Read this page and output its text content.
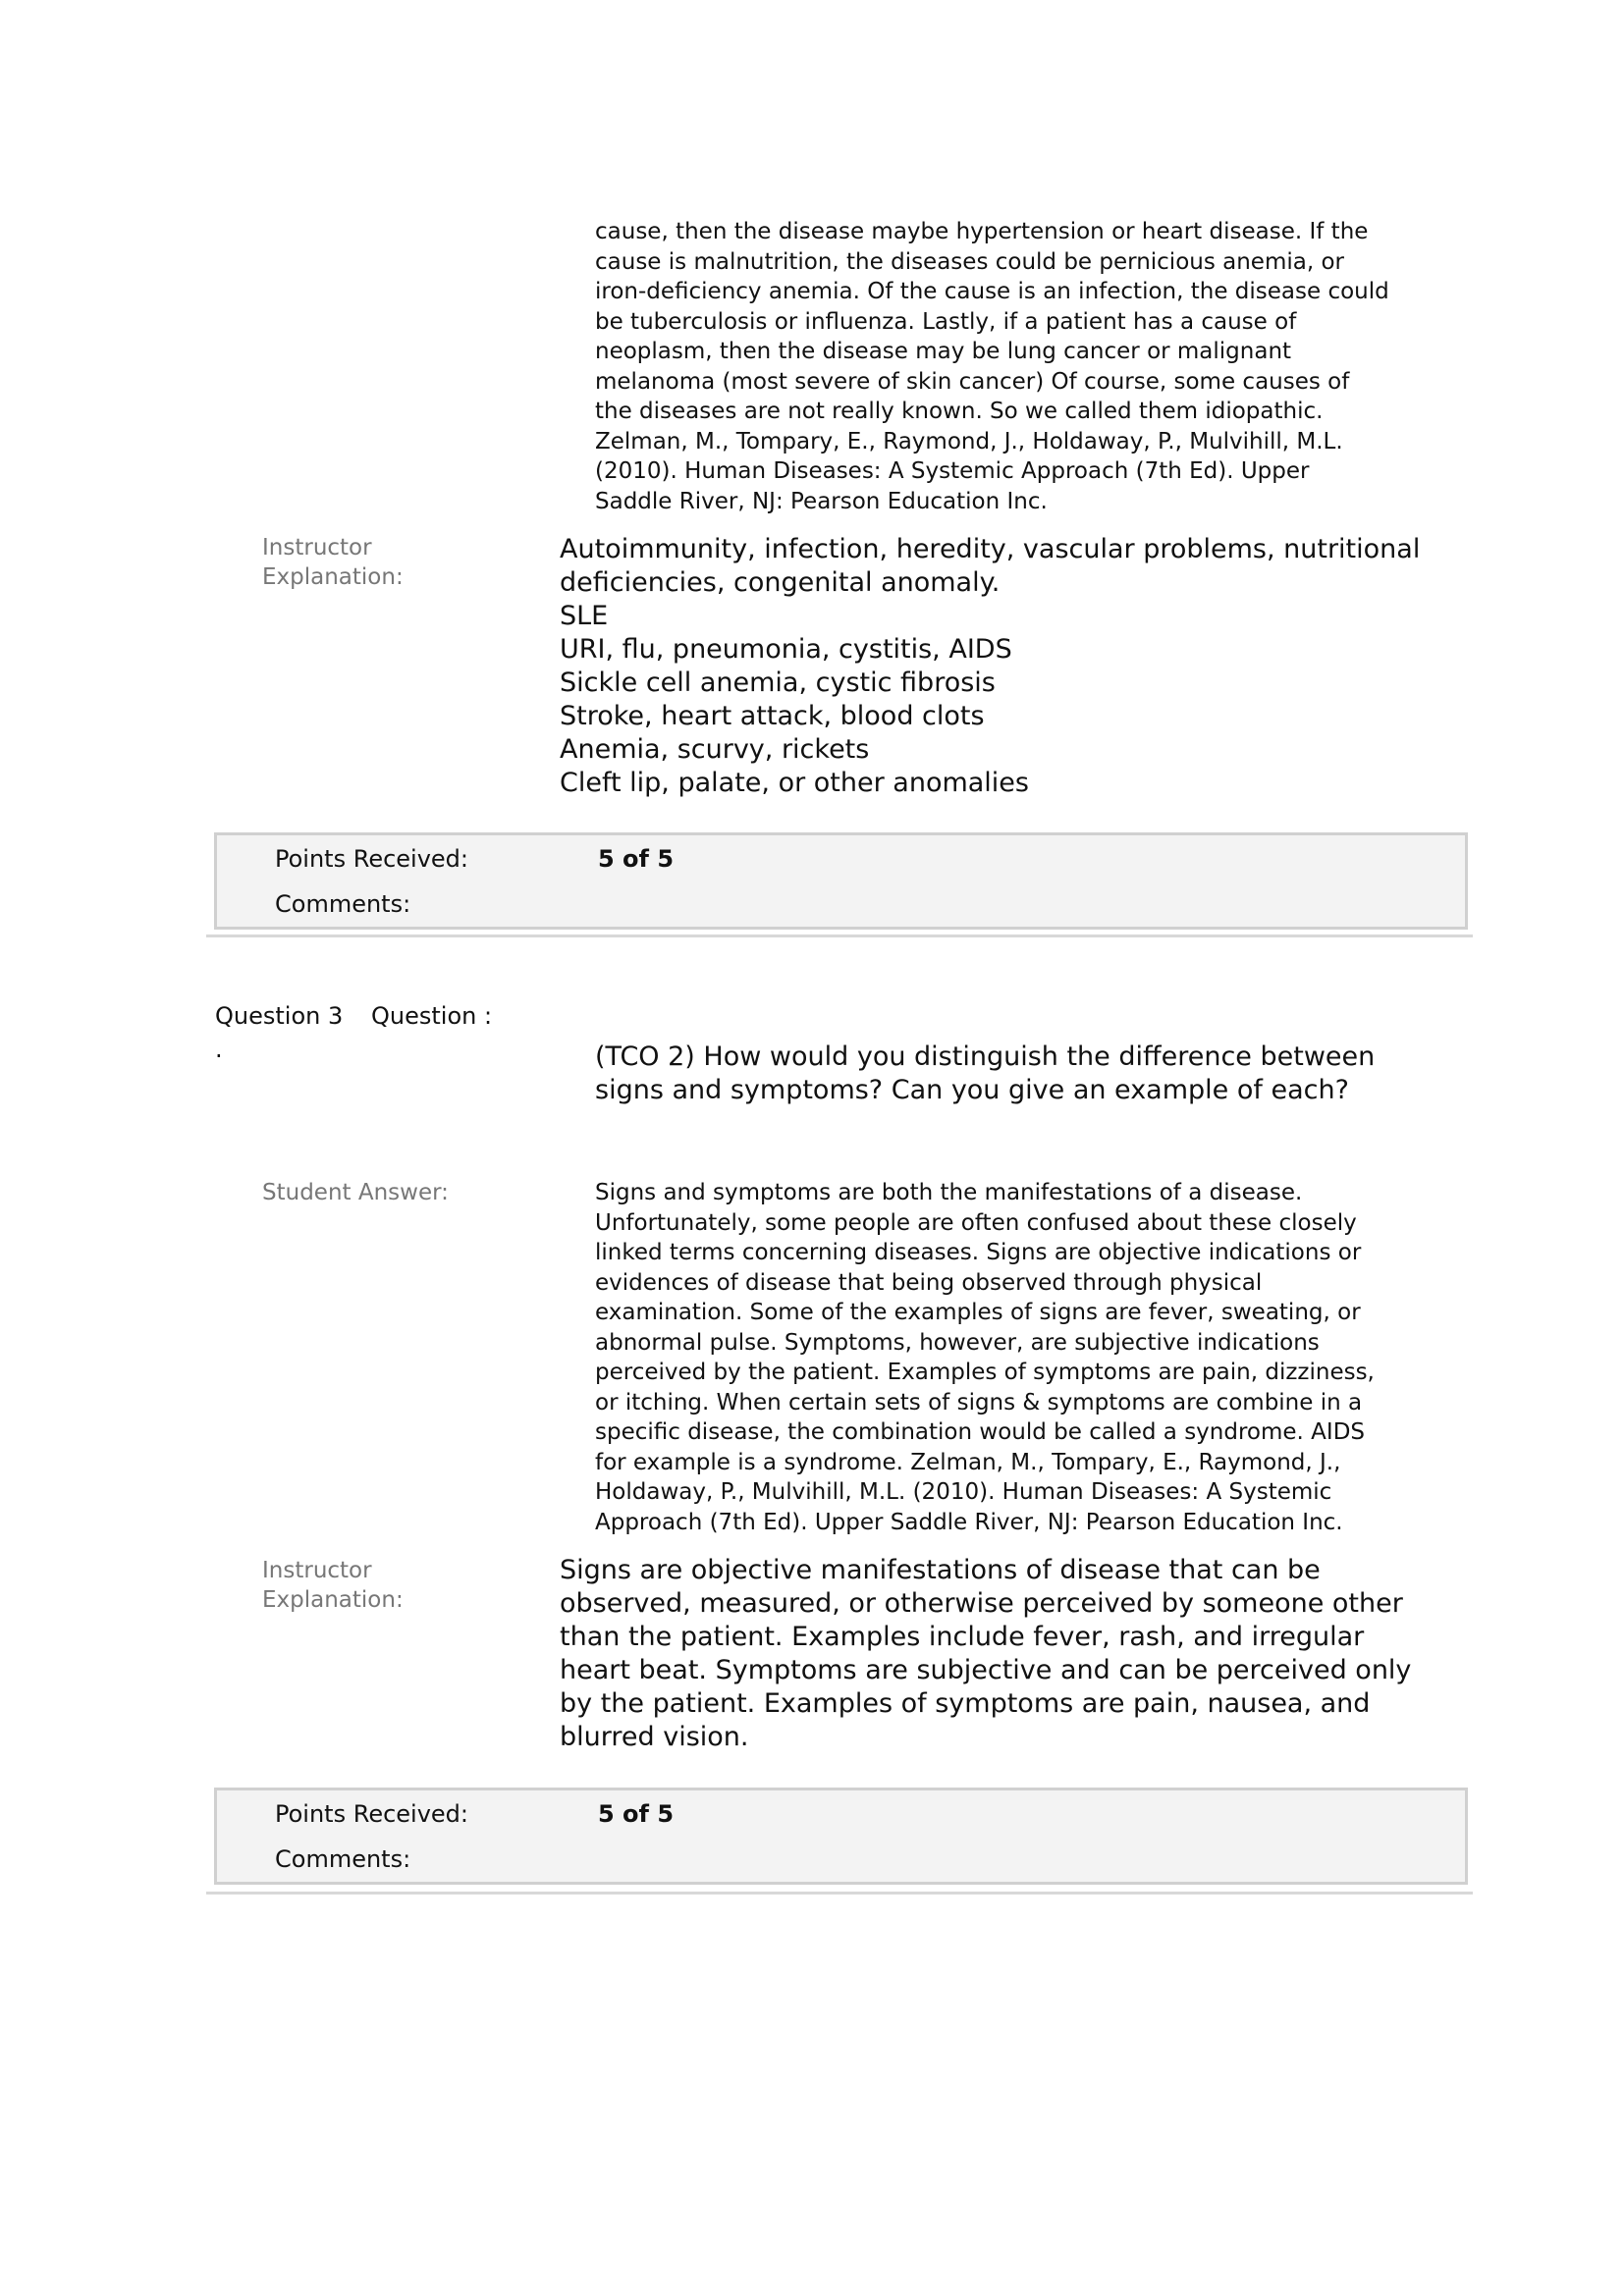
cause, then the disease maybe hypertension or heart disease. If the
cause is malnutrition, the diseases could be pernicious anemia, or
iron-deficiency anemia. Of the cause is an infection, the disease could
be tuberculosis or influenza. Lastly, if a patient has a cause of
neoplasm, then the disease may be lung cancer or malignant
melanoma (most severe of skin cancer) Of course, some causes of
the diseases are not really known. So we called them idiopathic.
Zelman, M., Tompary, E., Raymond, J., Holdaway, P., Mulvihill, M.L.
(2010). Human Diseases: A Systemic Approach (7th Ed). Upper
Saddle River, NJ: Pearson Education Inc.
Instructor
Explanation:
Autoimmunity, infection, heredity, vascular problems, nutritional
deficiencies, congenital anomaly.
SLE
URI, flu, pneumonia, cystitis, AIDS
Sickle cell anemia, cystic fibrosis
Stroke, heart attack, blood clots
Anemia, scurvy, rickets
Cleft lip, palate, or other anomalies
Points Received:	5 of 5
Comments:
Question 3 Question :
.	(TCO 2) How would you distinguish the difference between
signs and symptoms? Can you give an example of each?
Student Answer:	Signs and symptoms are both the manifestations of a disease.
Unfortunately, some people are often confused about these closely
linked terms concerning diseases. Signs are objective indications or
evidences of disease that being observed through physical
examination. Some of the examples of signs are fever, sweating, or
abnormal pulse. Symptoms, however, are subjective indications
perceived by the patient. Examples of symptoms are pain, dizziness,
or itching. When certain sets of signs & symptoms are combine in a
specific disease, the combination would be called a syndrome. AIDS
for example is a syndrome. Zelman, M., Tompary, E., Raymond, J.,
Holdaway, P., Mulvihill, M.L. (2010). Human Diseases: A Systemic
Approach (7th Ed). Upper Saddle River, NJ: Pearson Education Inc.
Instructor
Explanation:
Signs are objective manifestations of disease that can be
observed, measured, or otherwise perceived by someone other
than the patient. Examples include fever, rash, and irregular
heart beat. Symptoms are subjective and can be perceived only
by the patient. Examples of symptoms are pain, nausea, and
blurred vision.
Points Received:	5 of 5
Comments:
